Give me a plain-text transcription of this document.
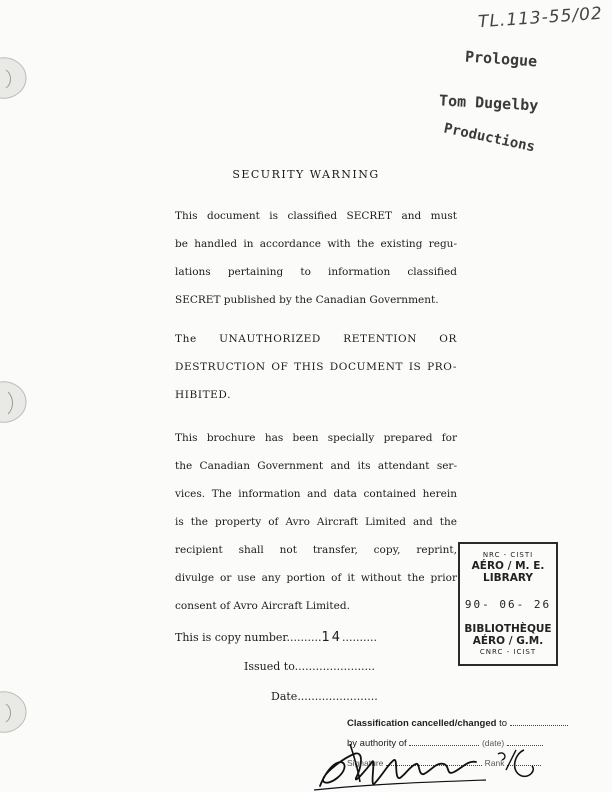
TL.113-55/02
Prologue
Tom Dugelby
Productions
SECURITY WARNING
This document is classified SECRET and must
be handled in accordance with the existing regu-
lations pertaining to information classified
SECRET published by the Canadian Government.
The UNAUTHORIZED RETENTION OR
DESTRUCTION OF THIS DOCUMENT IS PRO-
HIBITED.
This brochure has been specially prepared for
the Canadian Government and its attendant ser-
vices. The information and data contained herein
is the property of Avro Aircraft Limited and the
recipient shall not transfer, copy, reprint,
divulge or use any portion of it without the prior
consent of Avro Aircraft Limited.
This is copy number..........14..........
Issued to.......................
Date.......................
NRC - CISTI
AÉRO / M. E.
LIBRARY
90- 06- 26
BIBLIOTHÈQUE
AÉRO / G.M.
CNRC - ICIST
Classification cancelled/changed to
by authority of	(date)
Signature	Rank
